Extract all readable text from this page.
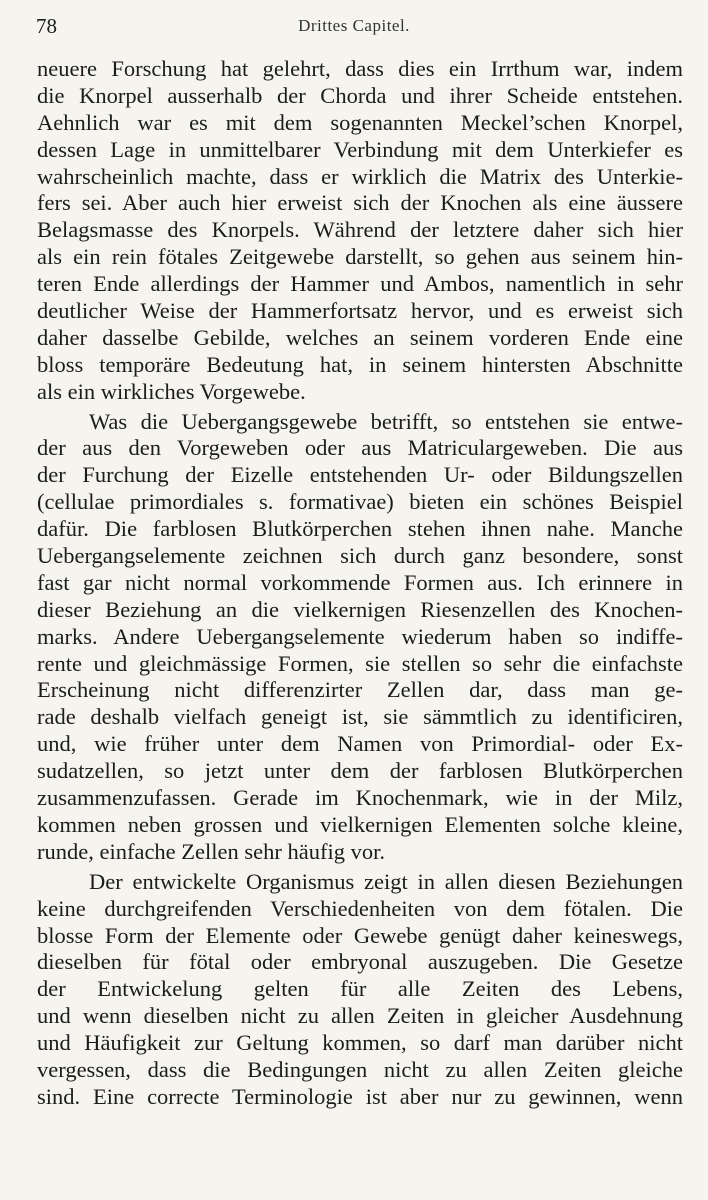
78	Drittes Capitel.
neuere Forschung hat gelehrt, dass dies ein Irrthum war, indem
die Knorpel ausserhalb der Chorda und ihrer Scheide entstehen.
Aehnlich war es mit dem sogenannten Meckel’schen Knorpel,
dessen Lage in unmittelbarer Verbindung mit dem Unterkiefer es
wahrscheinlich machte, dass er wirklich die Matrix des Unterkie-
fers sei. Aber auch hier erweist sich der Knochen als eine äussere
Belagsmasse des Knorpels. Während der letztere daher sich hier
als ein rein fötales Zeitgewebe darstellt, so gehen aus seinem hin-
teren Ende allerdings der Hammer und Ambos, namentlich in sehr
deutlicher Weise der Hammerfortsatz hervor, und es erweist sich
daher dasselbe Gebilde, welches an seinem vorderen Ende eine
bloss temporäre Bedeutung hat, in seinem hintersten Abschnitte
als ein wirkliches Vorgewebe.
Was die Uebergangsgewebe betrifft, so entstehen sie entwe-
der aus den Vorgeweben oder aus Matriculargeweben. Die aus
der Furchung der Eizelle entstehenden Ur- oder Bildungszellen
(cellulae primordiales s. formativae) bieten ein schönes Beispiel
dafür. Die farblosen Blutkörperchen stehen ihnen nahe. Manche
Uebergangselemente zeichnen sich durch ganz besondere, sonst
fast gar nicht normal vorkommende Formen aus. Ich erinnere in
dieser Beziehung an die vielkernigen Riesenzellen des Knochen-
marks. Andere Uebergangselemente wiederum haben so indiffe-
rente und gleichmässige Formen, sie stellen so sehr die einfachste
Erscheinung nicht differenzirter Zellen dar, dass man ge-
rade deshalb vielfach geneigt ist, sie sämmtlich zu identificiren,
und, wie früher unter dem Namen von Primordial- oder Ex-
sudatzellen, so jetzt unter dem der farblosen Blutkörperchen
zusammenzufassen. Gerade im Knochenmark, wie in der Milz,
kommen neben grossen und vielkernigen Elementen solche kleine,
runde, einfache Zellen sehr häufig vor.
Der entwickelte Organismus zeigt in allen diesen Beziehungen
keine durchgreifenden Verschiedenheiten von dem fötalen. Die
blosse Form der Elemente oder Gewebe genügt daher keineswegs,
dieselben für fötal oder embryonal auszugeben. Die Gesetze
der Entwickelung gelten für alle Zeiten des Lebens,
und wenn dieselben nicht zu allen Zeiten in gleicher Ausdehnung
und Häufigkeit zur Geltung kommen, so darf man darüber nicht
vergessen, dass die Bedingungen nicht zu allen Zeiten gleiche
sind. Eine correcte Terminologie ist aber nur zu gewinnen, wenn
